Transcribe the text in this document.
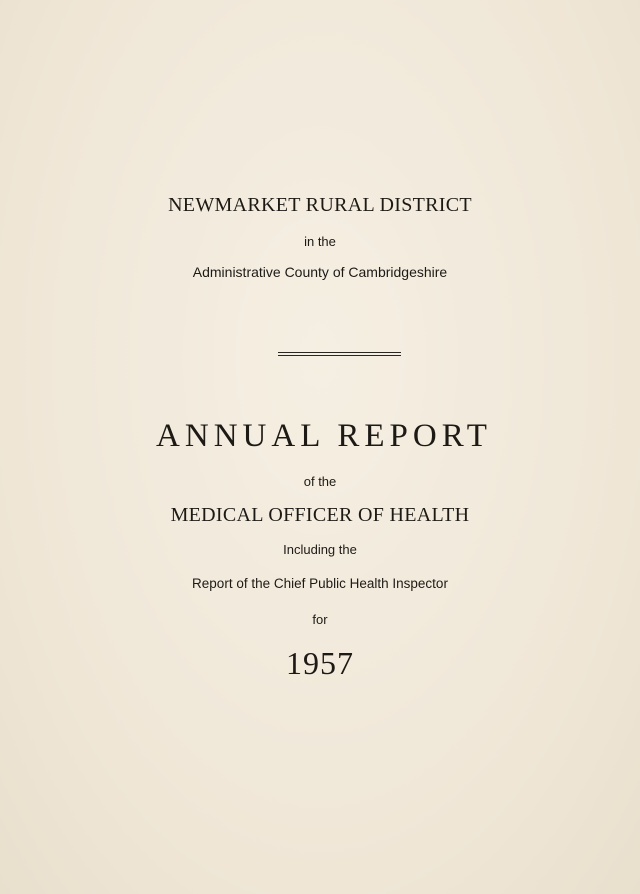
NEWMARKET RURAL DISTRICT
in the
Administrative County of Cambridgeshire
ANNUAL REPORT
of the
MEDICAL OFFICER OF HEALTH
Including the
Report of the Chief Public Health Inspector
for
1957
